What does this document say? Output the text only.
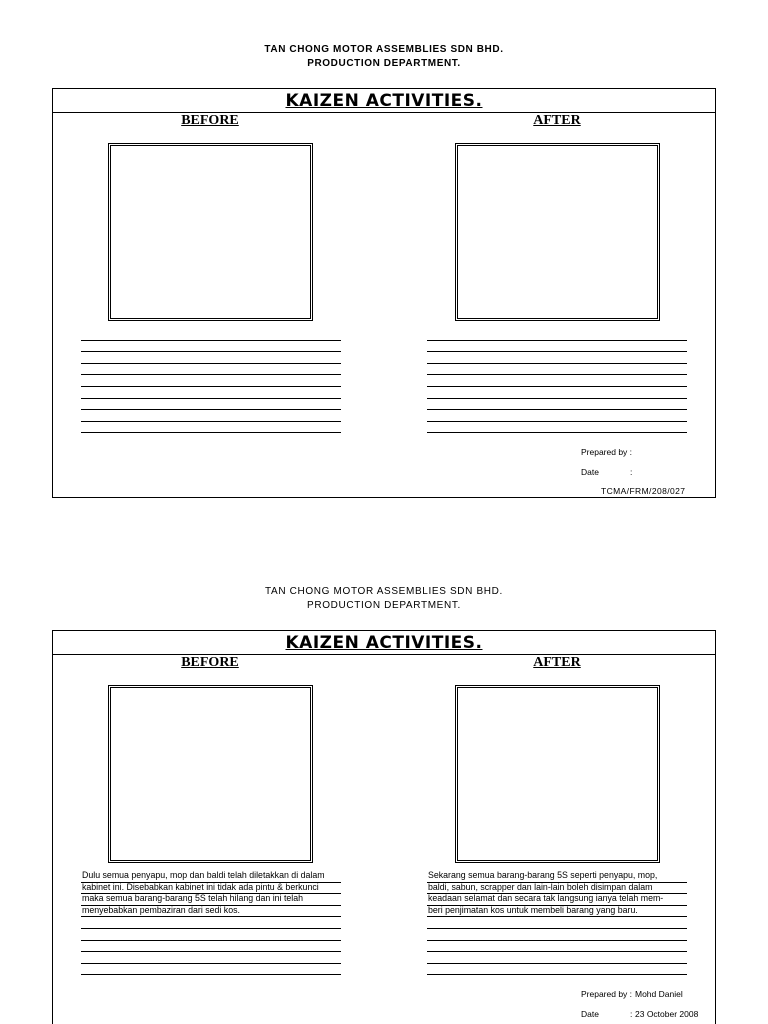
TAN CHONG MOTOR ASSEMBLIES SDN BHD.
PRODUCTION DEPARTMENT.
KAIZEN ACTIVITIES.
BEFORE	AFTER
Prepared by :
Date	:
TCMA/FRM/208/027
TAN CHONG MOTOR ASSEMBLIES SDN BHD.
PRODUCTION DEPARTMENT.
KAIZEN ACTIVITIES.
BEFORE	AFTER
Dulu semua penyapu, mop dan baldi telah diletakkan di dalam
kabinet ini. Disebabkan kabinet ini tidak ada pintu & berkunci
maka semua barang-barang 5S telah hilang dan ini telah
menyebabkan pembaziran dari sedi kos.
Sekarang semua barang-barang 5S seperti penyapu, mop,
baldi, sabun, scrapper dan lain-lain boleh disimpan dalam
keadaan selamat dan secara tak langsung ianya telah mem-
beri penjimatan kos untuk membeli barang yang baru.
Prepared by : Mohd Daniel
Date	: 23 October 2008
